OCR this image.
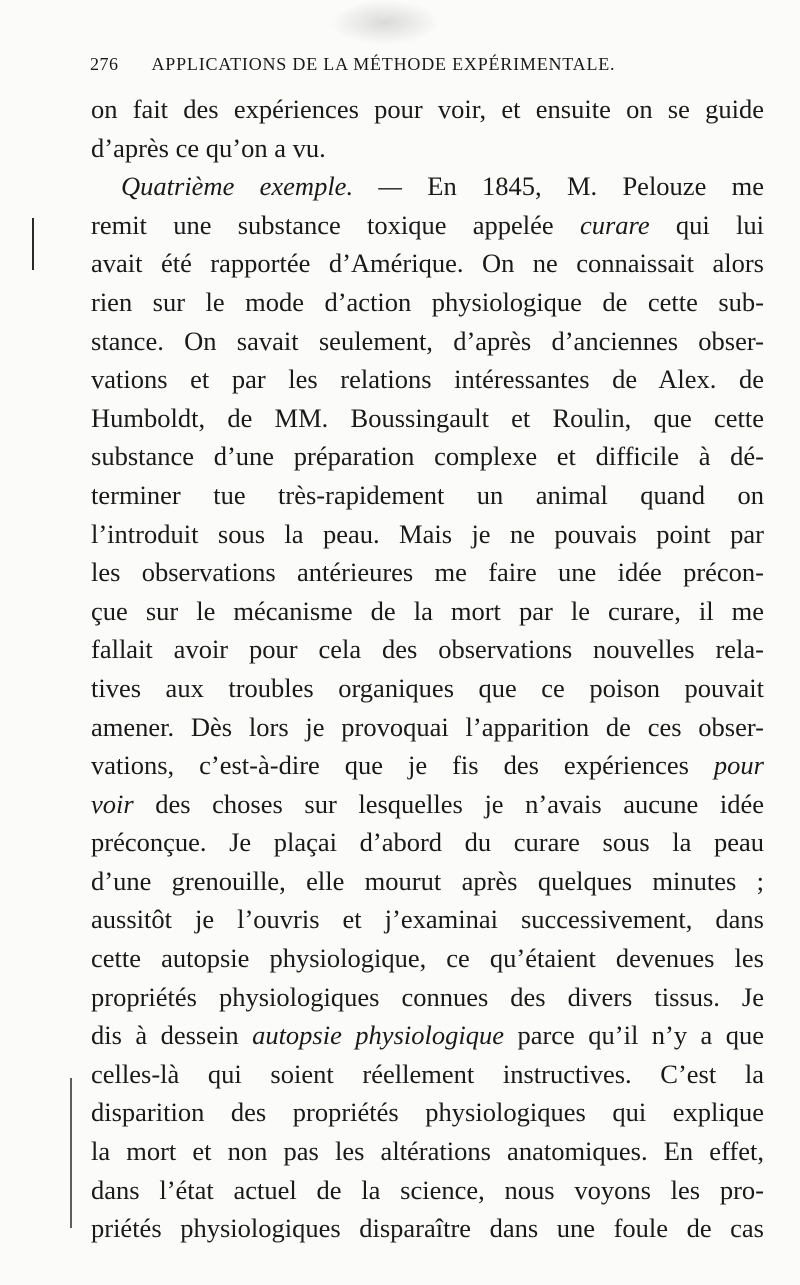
276 APPLICATIONS DE LA MÉTHODE EXPÉRIMENTALE.
on fait des expériences pour voir, et ensuite on se guide
d’après ce qu’on a vu.
Quatrième exemple. — En 1845, M. Pelouze me
remit une substance toxique appelée curare qui lui
avait été rapportée d’Amérique. On ne connaissait alors
rien sur le mode d’action physiologique de cette sub-
stance. On savait seulement, d’après d’anciennes obser-
vations et par les relations intéressantes de Alex. de
Humboldt, de MM. Boussingault et Roulin, que cette
substance d’une préparation complexe et difficile à dé-
terminer tue très-rapidement un animal quand on
l’introduit sous la peau. Mais je ne pouvais point par
les observations antérieures me faire une idée précon-
çue sur le mécanisme de la mort par le curare, il me
fallait avoir pour cela des observations nouvelles rela-
tives aux troubles organiques que ce poison pouvait
amener. Dès lors je provoquai l’apparition de ces obser-
vations, c’est-à-dire que je fis des expériences pour
voir des choses sur lesquelles je n’avais aucune idée
préconçue. Je plaçai d’abord du curare sous la peau
d’une grenouille, elle mourut après quelques minutes ;
aussitôt je l’ouvris et j’examinai successivement, dans
cette autopsie physiologique, ce qu’étaient devenues les
propriétés physiologiques connues des divers tissus. Je
dis à dessein autopsie physiologique parce qu’il n’y a que
celles-là qui soient réellement instructives. C’est la
disparition des propriétés physiologiques qui explique
la mort et non pas les altérations anatomiques. En effet,
dans l’état actuel de la science, nous voyons les pro-
priétés physiologiques disparaître dans une foule de cas
